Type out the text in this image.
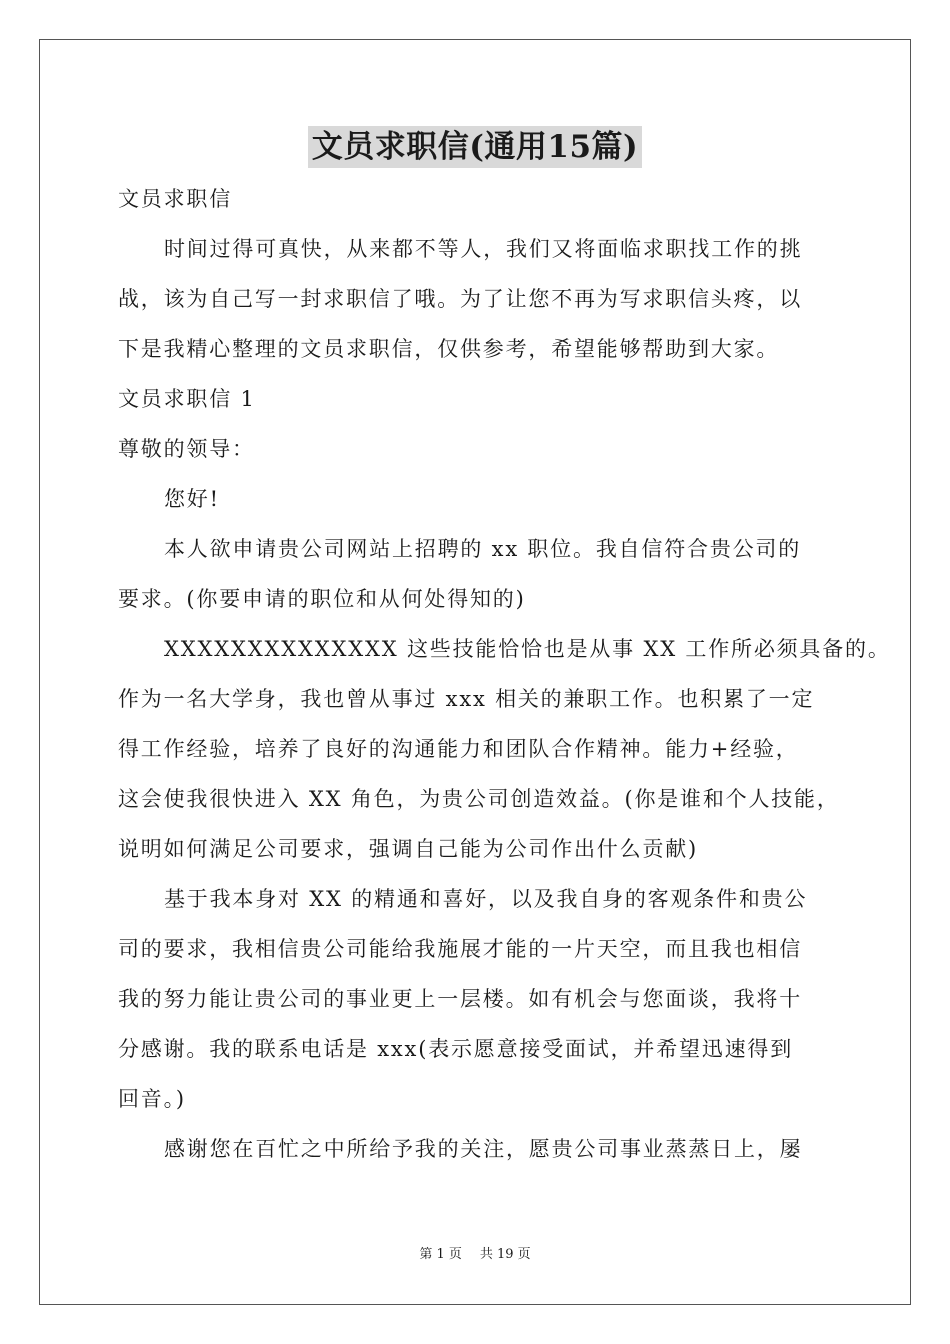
文员求职信(通用15篇)
文员求职信
时间过得可真快，从来都不等人，我们又将面临求职找工作的挑
战，该为自己写一封求职信了哦。为了让您不再为写求职信头疼，以
下是我精心整理的文员求职信，仅供参考，希望能够帮助到大家。
文员求职信 1
尊敬的领导：
您好!
本人欲申请贵公司网站上招聘的 xx 职位。我自信符合贵公司的
要求。(你要申请的职位和从何处得知的)
XXXXXXXXXXXXXX 这些技能恰恰也是从事 XX 工作所必须具备的。
作为一名大学身，我也曾从事过 xxx 相关的兼职工作。也积累了一定
得工作经验，培养了良好的沟通能力和团队合作精神。能力+经验，
这会使我很快进入 XX 角色，为贵公司创造效益。(你是谁和个人技能，
说明如何满足公司要求，强调自己能为公司作出什么贡献)
基于我本身对 XX 的精通和喜好，以及我自身的客观条件和贵公
司的要求，我相信贵公司能给我施展才能的一片天空，而且我也相信
我的努力能让贵公司的事业更上一层楼。如有机会与您面谈，我将十
分感谢。我的联系电话是 xxx(表示愿意接受面试，并希望迅速得到
回音。)
感谢您在百忙之中所给予我的关注，愿贵公司事业蒸蒸日上，屡
第 1 页 共 19 页
